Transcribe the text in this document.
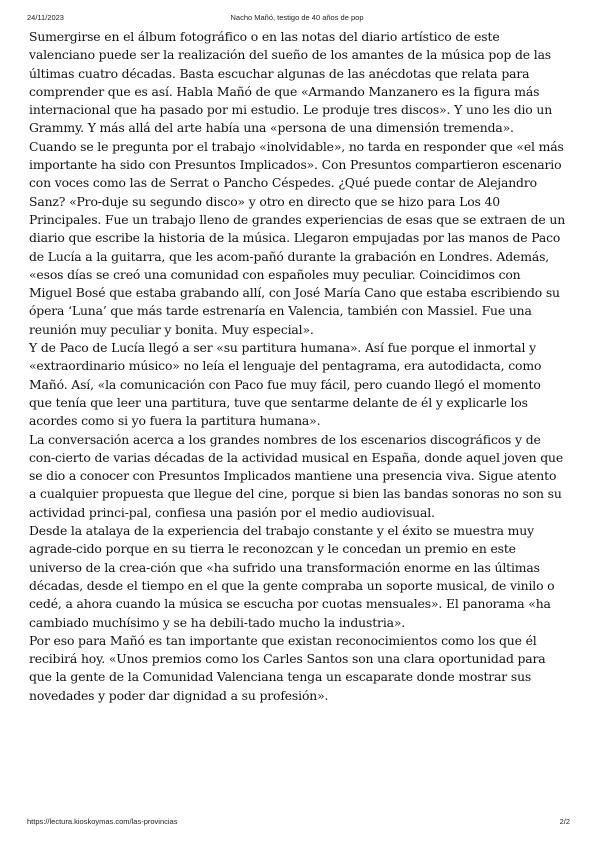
24/11/2023	Nacho Mañó, testigo de 40 años de pop

Sumergirse en el álbum fotográfico o en las notas del diario artístico de este valenciano puede ser la realización del sueño de los amantes de la música pop de las últimas cuatro décadas. Basta escuchar algunas de las anécdotas que relata para comprender que es así. Habla Mañó de que «Armando Manzanero es la figura más internacional que ha pasado por mi estudio. Le produje tres discos». Y uno les dio un Grammy. Y más allá del arte había una «persona de una dimensión tremenda».

Cuando se le pregunta por el trabajo «inolvidable», no tarda en responder que «el más importante ha sido con Presuntos Implicados». Con Presuntos compartieron escenario con voces como las de Serrat o Pancho Céspedes. ¿Qué puede contar de Alejandro Sanz? «Pro-duje su segundo disco» y otro en directo que se hizo para Los 40 Principales. Fue un trabajo lleno de grandes experiencias de esas que se extraen de un diario que escribe la historia de la música. Llegaron empujadas por las manos de Paco de Lucía a la guitarra, que les acom-pañó durante la grabación en Londres. Además, «esos días se creó una comunidad con españoles muy peculiar. Coincidimos con Miguel Bosé que estaba grabando allí, con José María Cano que estaba escribiendo su ópera ‘Luna’ que más tarde estrenaría en Valencia, también con Massiel. Fue una reunión muy peculiar y bonita. Muy especial».

Y de Paco de Lucía llegó a ser «su partitura humana». Así fue porque el inmortal y «extraordinario músico» no leía el lenguaje del pentagrama, era autodidacta, como Mañó. Así, «la comunicación con Paco fue muy fácil, pero cuando llegó el momento que tenía que leer una partitura, tuve que sentarme delante de él y explicarle los acordes como si yo fuera la partitura humana».

La conversación acerca a los grandes nombres de los escenarios discográficos y de con-cierto de varias décadas de la actividad musical en España, donde aquel joven que se dio a conocer con Presuntos Implicados mantiene una presencia viva. Sigue atento a cualquier propuesta que llegue del cine, porque si bien las bandas sonoras no son su actividad princi-pal, confiesa una pasión por el medio audiovisual.

Desde la atalaya de la experiencia del trabajo constante y el éxito se muestra muy agrade-cido porque en su tierra le reconozcan y le concedan un premio en este universo de la crea-ción que «ha sufrido una transformación enorme en las últimas décadas, desde el tiempo en el que la gente compraba un soporte musical, de vinilo o cedé, a ahora cuando la música se escucha por cuotas mensuales». El panorama «ha cambiado muchísimo y se ha debili-tado mucho la industria».

Por eso para Mañó es tan importante que existan reconocimientos como los que él recibirá hoy. «Unos premios como los Carles Santos son una clara oportunidad para que la gente de la Comunidad Valenciana tenga un escaparate donde mostrar sus novedades y poder dar dignidad a su profesión».

https://lectura.kioskoymas.com/las-provincias	2/2
